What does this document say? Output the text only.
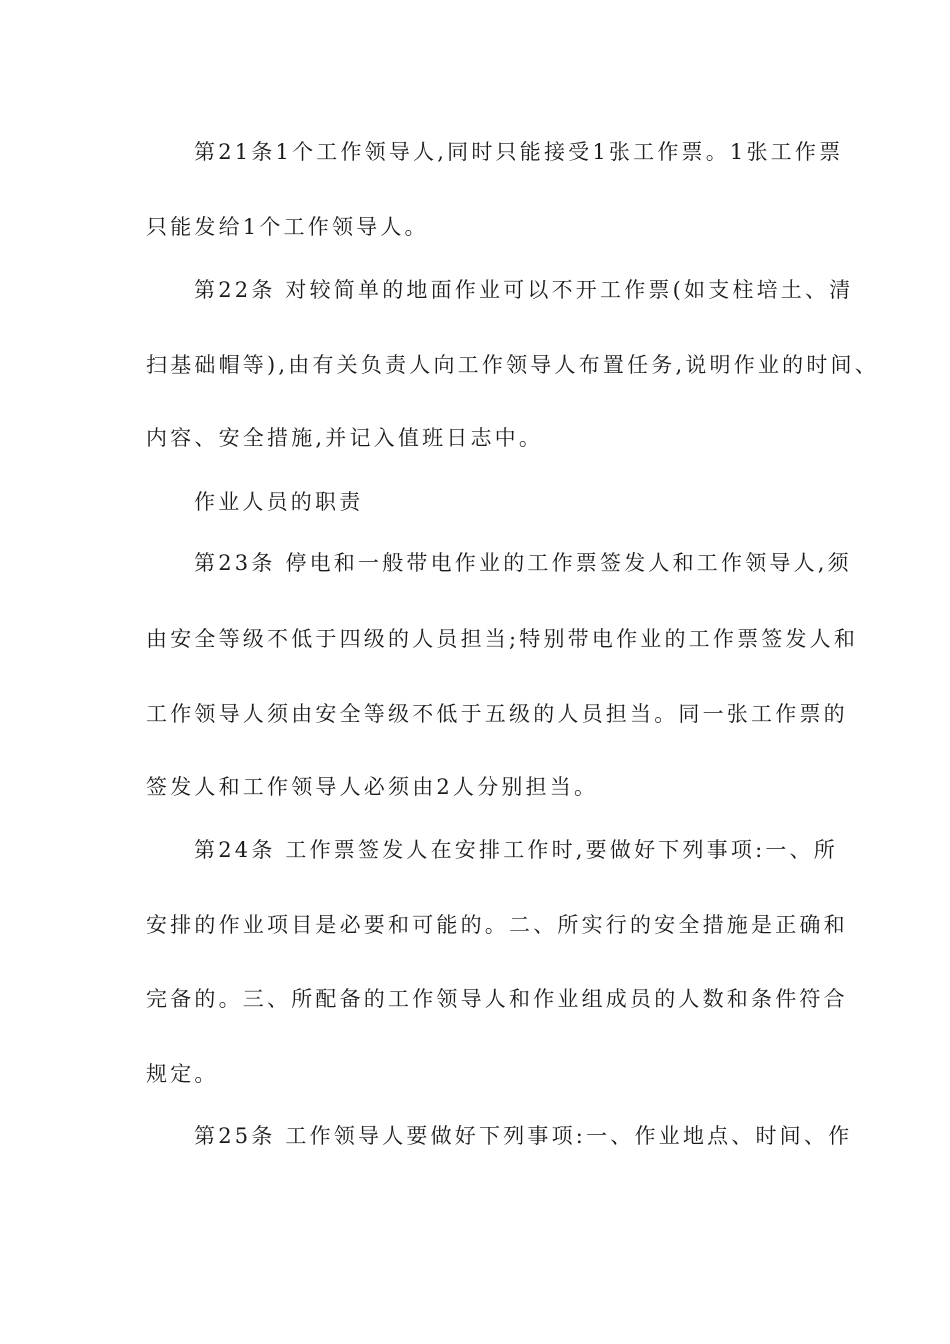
第21条1个工作领导人,同时只能接受1张工作票。1张工作票
只能发给1个工作领导人。
第22条 对较简单的地面作业可以不开工作票(如支柱培土、清
扫基础帽等),由有关负责人向工作领导人布置任务,说明作业的时间、
内容、安全措施,并记入值班日志中。
作业人员的职责
第23条 停电和一般带电作业的工作票签发人和工作领导人,须
由安全等级不低于四级的人员担当;特别带电作业的工作票签发人和
工作领导人须由安全等级不低于五级的人员担当。同一张工作票的
签发人和工作领导人必须由2人分别担当。
第24条 工作票签发人在安排工作时,要做好下列事项:一、所
安排的作业项目是必要和可能的。二、所实行的安全措施是正确和
完备的。三、所配备的工作领导人和作业组成员的人数和条件符合
规定。
第25条 工作领导人要做好下列事项:一、作业地点、时间、作
